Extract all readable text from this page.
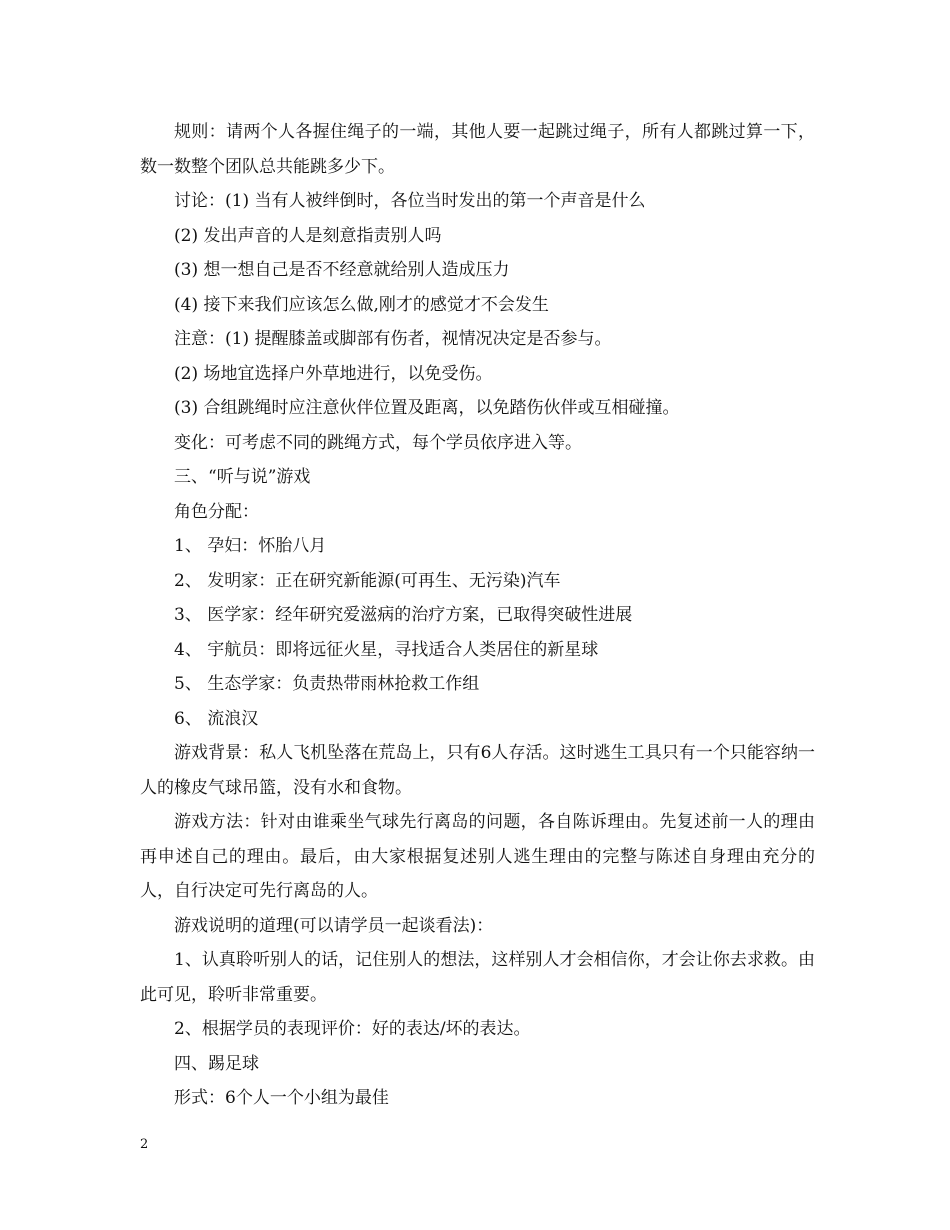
规则：请两个人各握住绳子的一端，其他人要一起跳过绳子，所有人都跳过算一下，数一数整个团队总共能跳多少下。

讨论：(1) 当有人被绊倒时，各位当时发出的第一个声音是什么

(2) 发出声音的人是刻意指责别人吗

(3) 想一想自己是否不经意就给别人造成压力

(4) 接下来我们应该怎么做,刚才的感觉才不会发生

注意：(1) 提醒膝盖或脚部有伤者，视情况决定是否参与。

(2) 场地宜选择户外草地进行，以免受伤。

(3) 合组跳绳时应注意伙伴位置及距离，以免踏伤伙伴或互相碰撞。

变化：可考虑不同的跳绳方式，每个学员依序进入等。

三、“听与说”游戏

角色分配：

1、 孕妇：怀胎八月

2、 发明家：正在研究新能源(可再生、无污染)汽车

3、 医学家：经年研究爱滋病的治疗方案，已取得突破性进展

4、 宇航员：即将远征火星，寻找适合人类居住的新星球

5、 生态学家：负责热带雨林抢救工作组

6、 流浪汉

游戏背景：私人飞机坠落在荒岛上，只有6人存活。这时逃生工具只有一个只能容纳一人的橡皮气球吊篮，没有水和食物。

游戏方法：针对由谁乘坐气球先行离岛的问题，各自陈诉理由。先复述前一人的理由再申述自己的理由。最后，由大家根据复述别人逃生理由的完整与陈述自身理由充分的人，自行决定可先行离岛的人。

游戏说明的道理(可以请学员一起谈看法)：

1、认真聆听别人的话，记住别人的想法，这样别人才会相信你，才会让你去求救。由此可见，聆听非常重要。

2、根据学员的表现评价：好的表达/坏的表达。

四、踢足球

形式：6个人一个小组为最佳

2
